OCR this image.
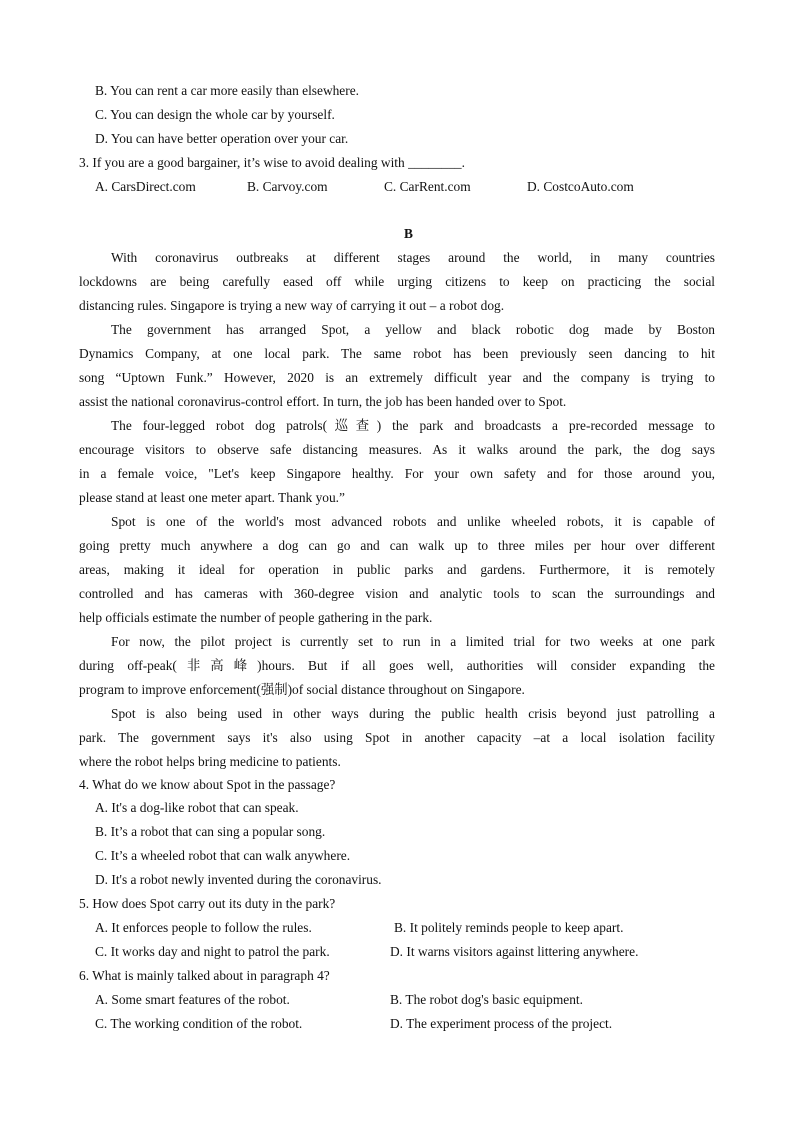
B. You can rent a car more easily than elsewhere.
C. You can design the whole car by yourself.
D. You can have better operation over your car.
3. If you are a good bargainer, it’s wise to avoid dealing with ________.
A. CarsDirect.com	B. Carvoy.com	C. CarRent.com	D. CostcoAuto.com
B
With coronavirus outbreaks at different stages around the world, in many countries
lockdowns are being carefully eased off while urging citizens to keep on practicing the social
distancing rules. Singapore is trying a new way of carrying it out – a robot dog.
The government has arranged Spot, a yellow and black robotic dog made by Boston
Dynamics Company, at one local park. The same robot has been previously seen dancing to hit
song “Uptown Funk.” However, 2020 is an extremely difficult year and the company is trying to
assist the national coronavirus-control effort. In turn, the job has been handed over to Spot.
The four-legged robot dog patrols(巡查) the park and broadcasts a pre-recorded message to
encourage visitors to observe safe distancing measures. As it walks around the park, the dog says
in a female voice, "Let's keep Singapore healthy. For your own safety and for those around you,
please stand at least one meter apart. Thank you.”
Spot is one of the world's most advanced robots and unlike wheeled robots, it is capable of
going pretty much anywhere a dog can go and can walk up to three miles per hour over different
areas, making it ideal for operation in public parks and gardens. Furthermore, it is remotely
controlled and has cameras with 360-degree vision and analytic tools to scan the surroundings and
help officials estimate the number of people gathering in the park.
For now, the pilot project is currently set to run in a limited trial for two weeks at one park
during off-peak(非高峰)hours. But if all goes well, authorities will consider expanding the
program to improve enforcement(强制)of social distance throughout on Singapore.
Spot is also being used in other ways during the public health crisis beyond just patrolling a
park. The government says it's also using Spot in another capacity –at a local isolation facility
where the robot helps bring medicine to patients.
4. What do we know about Spot in the passage?
A. It's a dog-like robot that can speak.
B. It’s a robot that can sing a popular song.
C. It’s a wheeled robot that can walk anywhere.
D. It's a robot newly invented during the coronavirus.
5. How does Spot carry out its duty in the park?
A. It enforces people to follow the rules.	B. It politely reminds people to keep apart.
C. It works day and night to patrol the park.	D. It warns visitors against littering anywhere.
6. What is mainly talked about in paragraph 4?
A. Some smart features of the robot.	B. The robot dog's basic equipment.
C. The working condition of the robot.	D. The experiment process of the project.
